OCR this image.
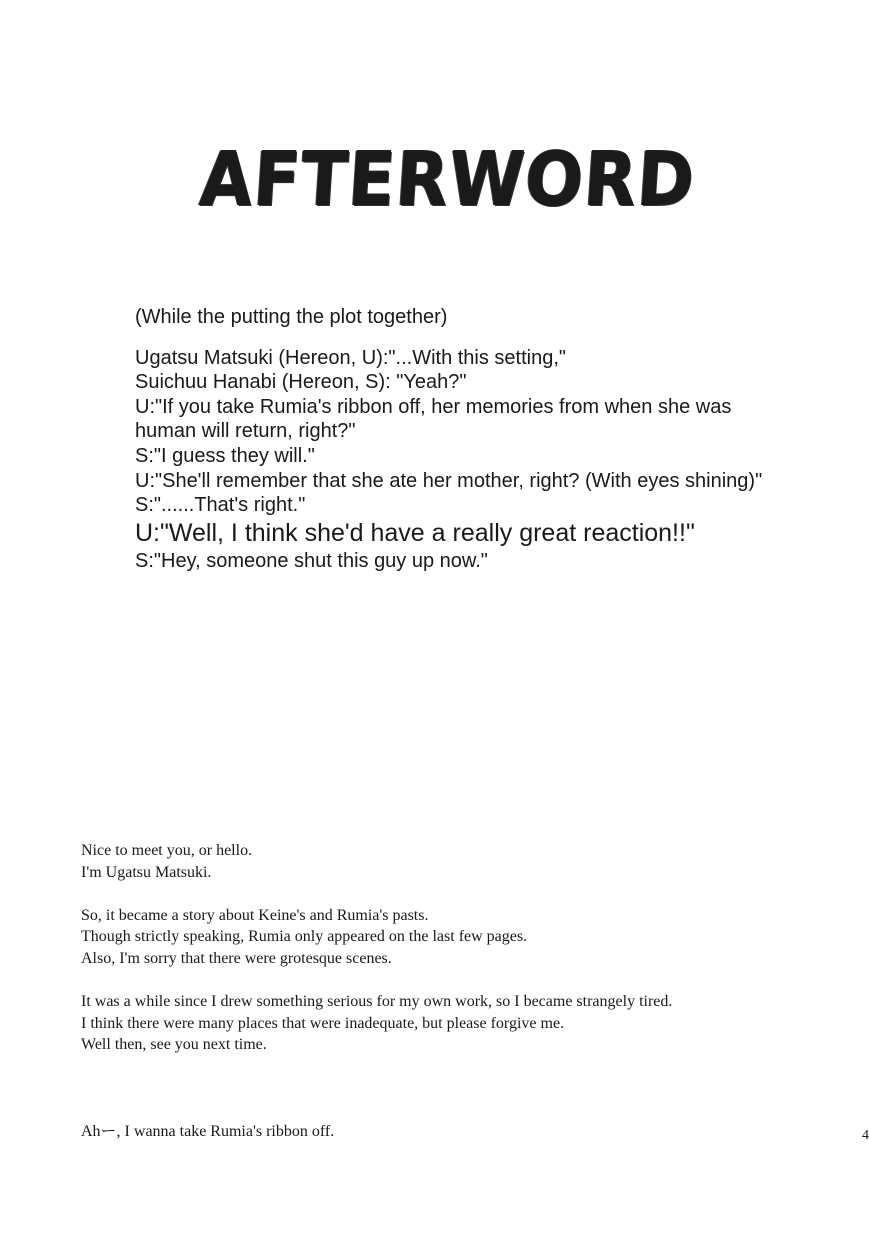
AFTERWORD

(While the putting the plot together)

Ugatsu Matsuki (Hereon, U):"...With this setting,"

Suichuu Hanabi (Hereon, S): "Yeah?"

U:"If you take Rumia's ribbon off, her memories from when she was

human will return, right?"

S:"I guess they will."

U:"She'll remember that she ate her mother, right? (With eyes shining)"

S:"......That's right."

U:"Well, I think she'd have a really great reaction!!"

S:"Hey, someone shut this guy up now."

Nice to meet you, or hello.

I'm Ugatsu Matsuki.

So, it became a story about Keine's and Rumia's pasts.

Though strictly speaking, Rumia only appeared on the last few pages.

Also, I'm sorry that there were grotesque scenes.

It was a while since I drew something serious for my own work, so I became strangely tired.

I think there were many places that were inadequate, but please forgive me.

Well then, see you next time.

Ahー, I wanna take Rumia's ribbon off.	4
